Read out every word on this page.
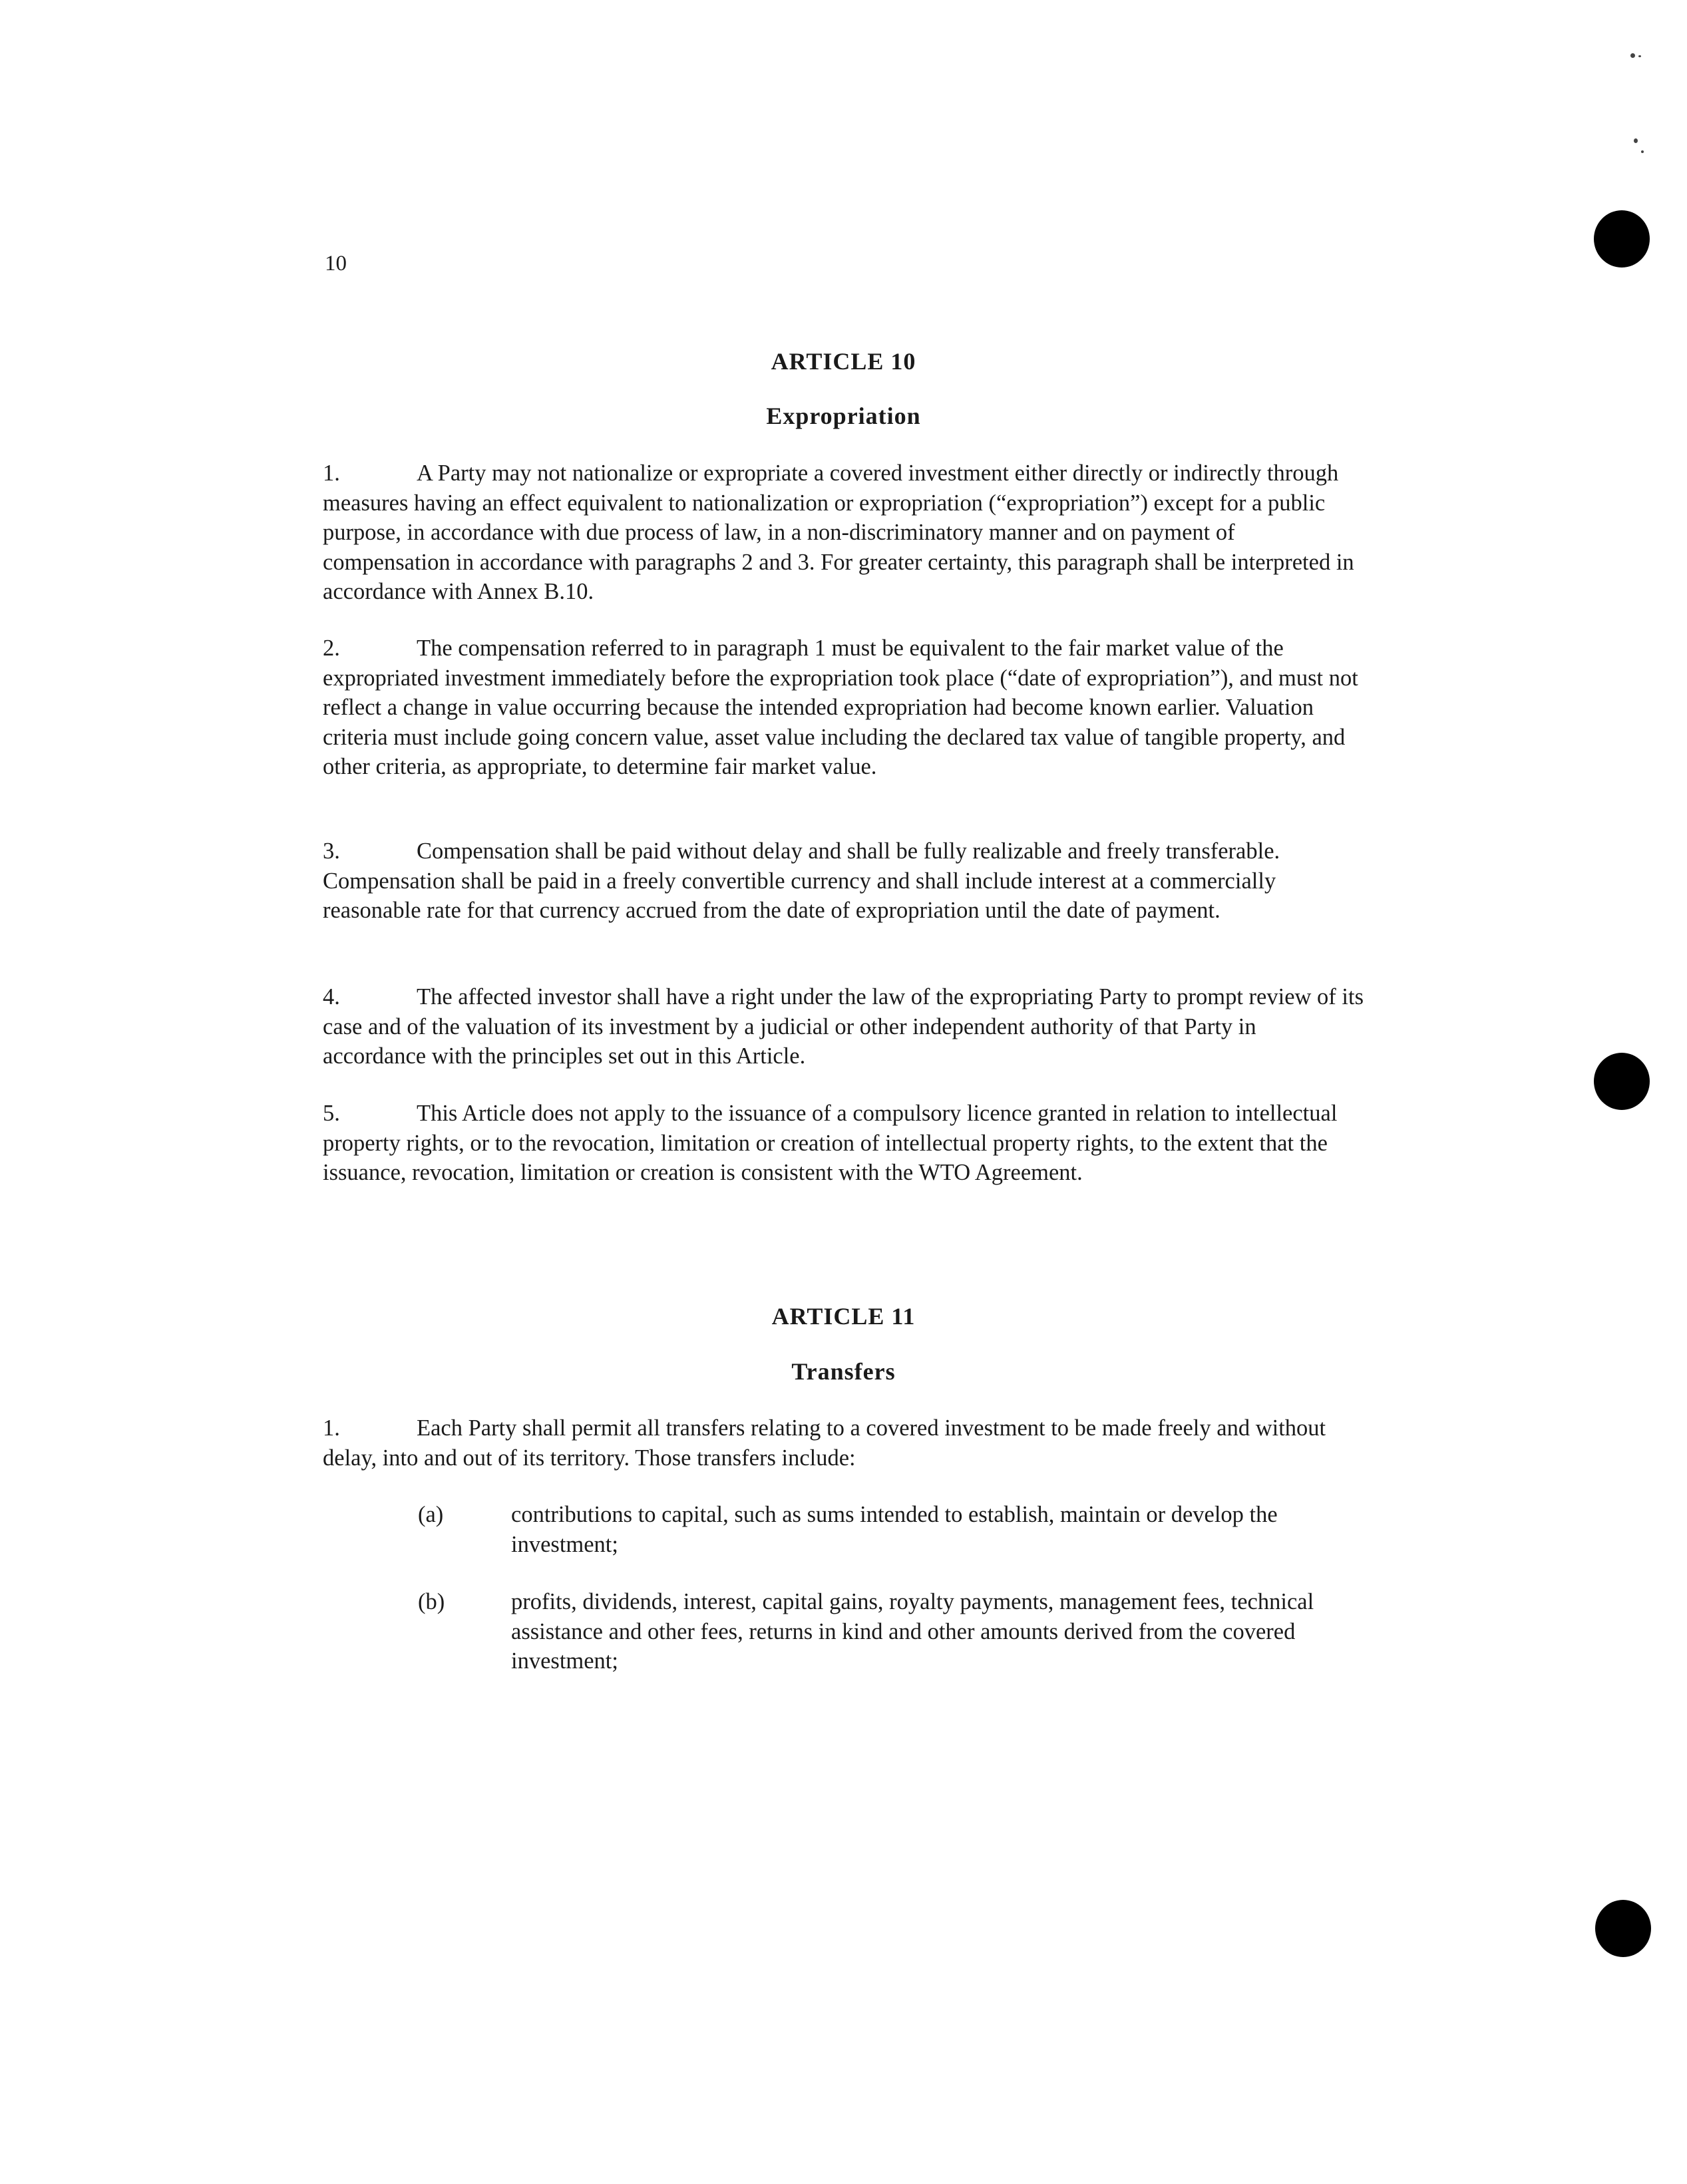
10
ARTICLE 10
Expropriation
1.	A Party may not nationalize or expropriate a covered investment either directly or indirectly through measures having an effect equivalent to nationalization or expropriation (“expropriation”) except for a public purpose, in accordance with due process of law, in a non-discriminatory manner and on payment of compensation in accordance with paragraphs 2 and 3. For greater certainty, this paragraph shall be interpreted in accordance with Annex B.10.
2.	The compensation referred to in paragraph 1 must be equivalent to the fair market value of the expropriated investment immediately before the expropriation took place (“date of expropriation”), and must not reflect a change in value occurring because the intended expropriation had become known earlier. Valuation criteria must include going concern value, asset value including the declared tax value of tangible property, and other criteria, as appropriate, to determine fair market value.
3.	Compensation shall be paid without delay and shall be fully realizable and freely transferable. Compensation shall be paid in a freely convertible currency and shall include interest at a commercially reasonable rate for that currency accrued from the date of expropriation until the date of payment.
4.	The affected investor shall have a right under the law of the expropriating Party to prompt review of its case and of the valuation of its investment by a judicial or other independent authority of that Party in accordance with the principles set out in this Article.
5.	This Article does not apply to the issuance of a compulsory licence granted in relation to intellectual property rights, or to the revocation, limitation or creation of intellectual property rights, to the extent that the issuance, revocation, limitation or creation is consistent with the WTO Agreement.
ARTICLE 11
Transfers
1.	Each Party shall permit all transfers relating to a covered investment to be made freely and without delay, into and out of its territory. Those transfers include:
(a)	contributions to capital, such as sums intended to establish, maintain or develop the investment;
(b)	profits, dividends, interest, capital gains, royalty payments, management fees, technical assistance and other fees, returns in kind and other amounts derived from the covered investment;
